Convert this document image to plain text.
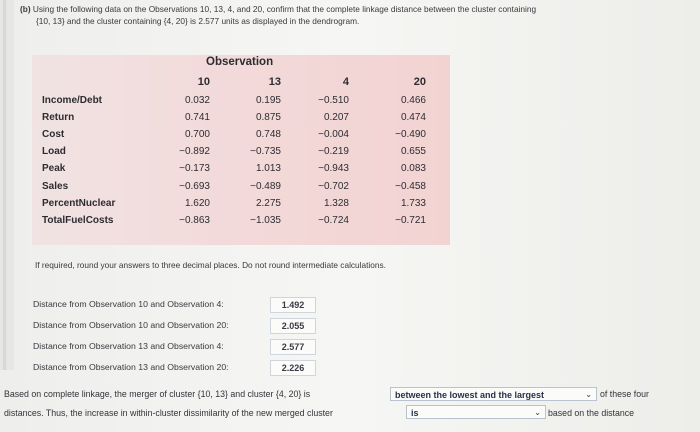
(b) Using the following data on the Observations 10, 13, 4, and 20, confirm that the complete linkage distance between the cluster containing
{10, 13} and the cluster containing {4, 20} is 2.577 units as displayed in the dendrogram.
Observation
10	13	4	20
Income/Debt	0.032	0.195	−0.510	0.466
Return	0.741	0.875	0.207	0.474
Cost	0.700	0.748	−0.004	−0.490
Load	−0.892	−0.735	−0.219	0.655
Peak	−0.173	1.013	−0.943	0.083
Sales	−0.693	−0.489	−0.702	−0.458
PercentNuclear	1.620	2.275	1.328	1.733
TotalFuelCosts	−0.863	−1.035	−0.724	−0.721
If required, round your answers to three decimal places. Do not round intermediate calculations.
Distance from Observation 10 and Observation 4:	1.492
Distance from Observation 10 and Observation 20:	2.055
Distance from Observation 13 and Observation 4:	2.577
Distance from Observation 13 and Observation 20:	2.226
Based on complete linkage, the merger of cluster {10, 13} and cluster {4, 20} is	between the lowest and the largest	⌄ of these four
distances. Thus, the increase in within-cluster dissimilarity of the new merged cluster	is	⌄ based on the distance
